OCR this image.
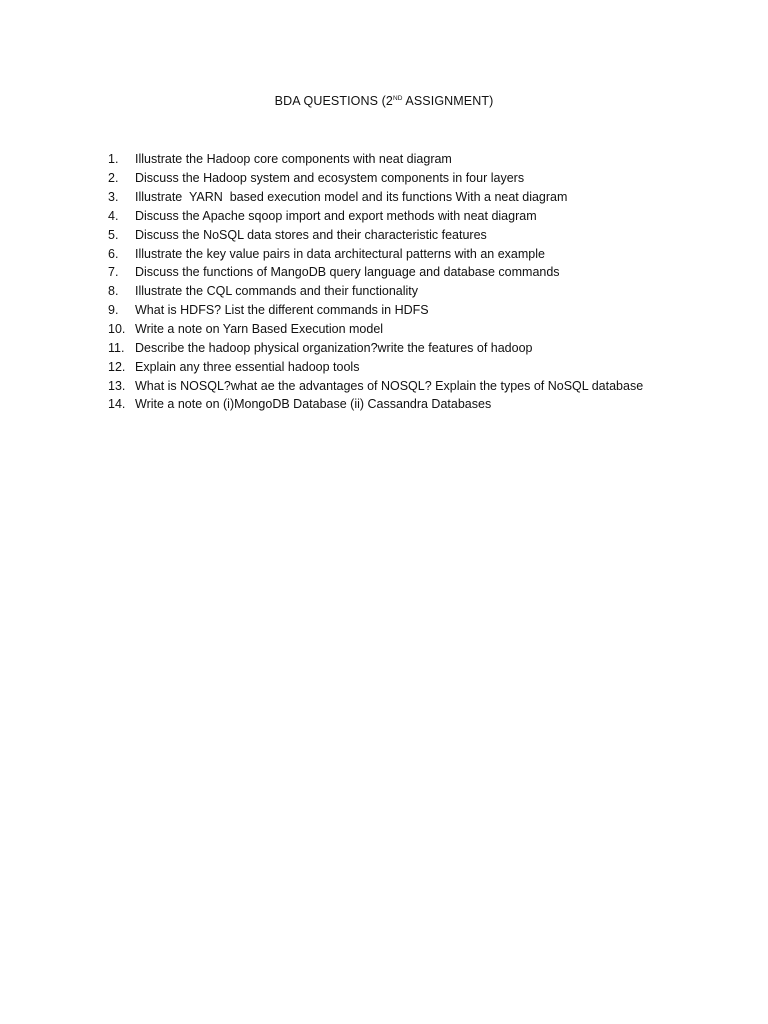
BDA QUESTIONS (2ND ASSIGNMENT)
1.	Illustrate the Hadoop core components with neat diagram
2.	Discuss the Hadoop system and ecosystem components in four layers
3.	Illustrate  YARN  based execution model and its functions With a neat diagram
4.	Discuss the Apache sqoop import and export methods with neat diagram
5.	Discuss the NoSQL data stores and their characteristic features
6.	Illustrate the key value pairs in data architectural patterns with an example
7.	Discuss the functions of MangoDB query language and database commands
8.	Illustrate the CQL commands and their functionality
9.	What is HDFS? List the different commands in HDFS
10. Write a note on Yarn Based Execution model
11. Describe the hadoop physical organization?write the features of hadoop
12. Explain any three essential hadoop tools
13. What is NOSQL?what ae the advantages of NOSQL? Explain the types of NoSQL database
14. Write a note on (i)MongoDB Database (ii) Cassandra Databases
